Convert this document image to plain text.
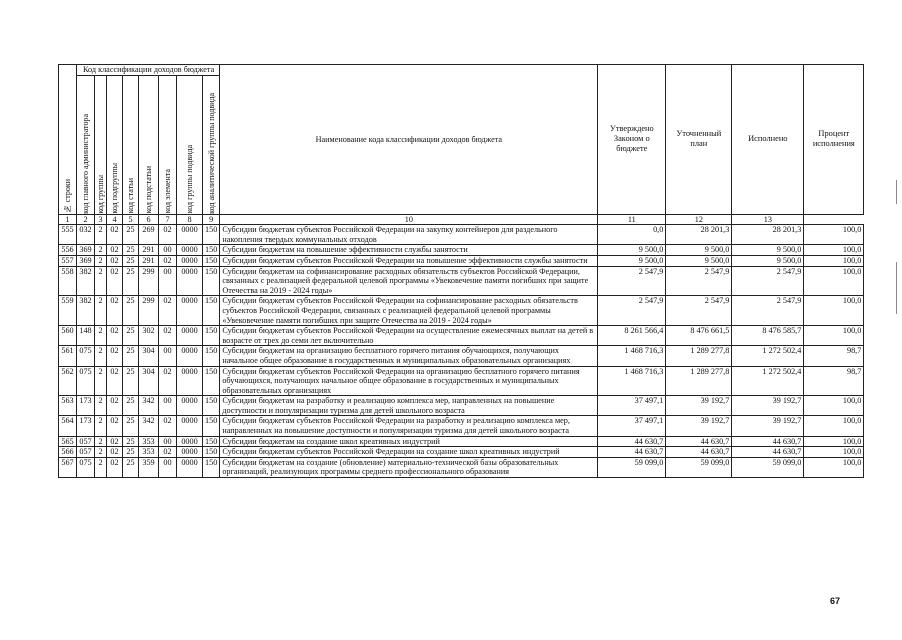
№ строки	Код классификации доходов бюджета								Наименование кода классификации доходов бюджета	Утверждено Законом о бюджете	Уточненный план	Исполнено	Процент исполнения

	код главного администратора	код группы	код подгруппы	код статьи	код подстатьи	код элемента	код группы подвида	код аналитической группы подвида					

1	2	3	4	5	6	7	8	9	10	11	12	13	
555	032	2	02	25	269	02	0000	150	Субсидии бюджетам субъектов Российской Федерации на закупку контейнеров для раздельного накопления твердых коммунальных отходов	0,0	28 201,3	28 201,3	100,0
556	369	2	02	25	291	00	0000	150	Субсидии бюджетам на повышение эффективности службы занятости	9 500,0	9 500,0	9 500,0	100,0
557	369	2	02	25	291	02	0000	150	Субсидии бюджетам субъектов Российской Федерации на повышение эффективности службы занятости	9 500,0	9 500,0	9 500,0	100,0
558	382	2	02	25	299	00	0000	150	Субсидии бюджетам на софинансирование расходных обязательств субъектов Российской Федерации, связанных с реализацией федеральной целевой программы «Увековечение памяти погибших при защите Отечества на 2019 - 2024 годы»	2 547,9	2 547,9	2 547,9	100,0
559	382	2	02	25	299	02	0000	150	Субсидии бюджетам субъектов Российской Федерации на софинансирование расходных обязательств субъектов Российской Федерации, связанных с реализацией федеральной целевой программы «Увековечение памяти погибших при защите Отечества на 2019 - 2024 годы»	2 547,9	2 547,9	2 547,9	100,0
560	148	2	02	25	302	02	0000	150	Субсидии бюджетам субъектов Российской Федерации на осуществление ежемесячных выплат на детей в возрасте от трех до семи лет включительно	8 261 566,4	8 476 661,5	8 476 585,7	100,0
561	075	2	02	25	304	00	0000	150	Субсидии бюджетам на организацию бесплатного горячего питания обучающихся, получающих начальное общее образование в государственных и муниципальных образовательных организациях	1 468 716,3	1 289 277,8	1 272 502,4	98,7
562	075	2	02	25	304	02	0000	150	Субсидии бюджетам субъектов Российской Федерации на организацию бесплатного горячего питания обучающихся, получающих начальное общее образование в государственных и муниципальных образовательных организациях	1 468 716,3	1 289 277,8	1 272 502,4	98,7
563	173	2	02	25	342	00	0000	150	Субсидии бюджетам на разработку и реализацию комплекса мер, направленных на повышение доступности и популяризации туризма для детей школьного возраста	37 497,1	39 192,7	39 192,7	100,0
564	173	2	02	25	342	02	0000	150	Субсидии бюджетам субъектов Российской Федерации на разработку и реализацию комплекса мер, направленных на повышение доступности и популяризации туризма для детей школьного возраста	37 497,1	39 192,7	39 192,7	100,0
565	057	2	02	25	353	00	0000	150	Субсидии бюджетам на создание школ креативных индустрий	44 630,7	44 630,7	44 630,7	100,0
566	057	2	02	25	353	02	0000	150	Субсидии бюджетам субъектов Российской Федерации на создание школ креативных индустрий	44 630,7	44 630,7	44 630,7	100,0
567	075	2	02	25	359	00	0000	150	Субсидии бюджетам на создание (обновление) материально-технической базы образовательных организаций, реализующих программы среднего профессионального образования	59 099,0	59 099,0	59 099,0	100,0
67
